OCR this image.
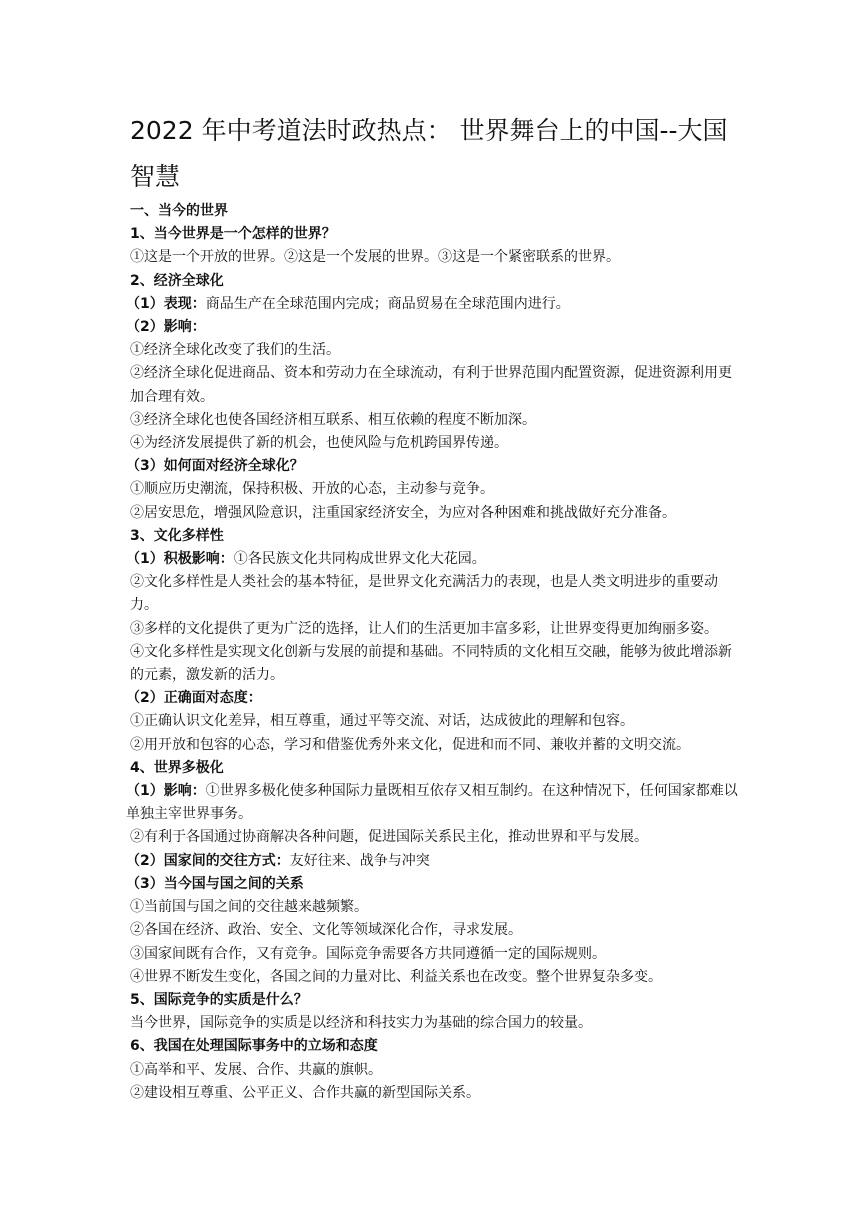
2022 年中考道法时政热点： 世界舞台上的中国--大国智慧

一、当今的世界

1、当今世界是一个怎样的世界？

①这是一个开放的世界。②这是一个发展的世界。③这是一个紧密联系的世界。

2、经济全球化

（1）表现：商品生产在全球范围内完成；商品贸易在全球范围内进行。

（2）影响：

①经济全球化改变了我们的生活。

②经济全球化促进商品、资本和劳动力在全球流动，有利于世界范围内配置资源，促进资源利用更加合理有效。

③经济全球化也使各国经济相互联系、相互依赖的程度不断加深。

④为经济发展提供了新的机会，也使风险与危机跨国界传递。

（3）如何面对经济全球化？

①顺应历史潮流，保持积极、开放的心态，主动参与竞争。

②居安思危，增强风险意识，注重国家经济安全，为应对各种困难和挑战做好充分准备。

3、文化多样性

（1）积极影响：①各民族文化共同构成世界文化大花园。

②文化多样性是人类社会的基本特征，是世界文化充满活力的表现，也是人类文明进步的重要动力。

③多样的文化提供了更为广泛的选择，让人们的生活更加丰富多彩，让世界变得更加绚丽多姿。

④文化多样性是实现文化创新与发展的前提和基础。不同特质的文化相互交融，能够为彼此增添新的元素，激发新的活力。

（2）正确面对态度：

①正确认识文化差异，相互尊重，通过平等交流、对话，达成彼此的理解和包容。

②用开放和包容的心态，学习和借鉴优秀外来文化，促进和而不同、兼收并蓄的文明交流。

4、世界多极化

（1）影响：①世界多极化使多种国际力量既相互依存又相互制约。在这种情况下，任何国家都难以单独主宰世界事务。

②有利于各国通过协商解决各种问题，促进国际关系民主化，推动世界和平与发展。

（2）国家间的交往方式：友好往来、战争与冲突

（3）当今国与国之间的关系

①当前国与国之间的交往越来越频繁。

②各国在经济、政治、安全、文化等领域深化合作，寻求发展。

③国家间既有合作，又有竞争。国际竞争需要各方共同遵循一定的国际规则。

④世界不断发生变化，各国之间的力量对比、利益关系也在改变。整个世界复杂多变。

5、国际竞争的实质是什么？

当今世界，国际竞争的实质是以经济和科技实力为基础的综合国力的较量。

6、我国在处理国际事务中的立场和态度

①高举和平、发展、合作、共赢的旗帜。

②建设相互尊重、公平正义、合作共赢的新型国际关系。
